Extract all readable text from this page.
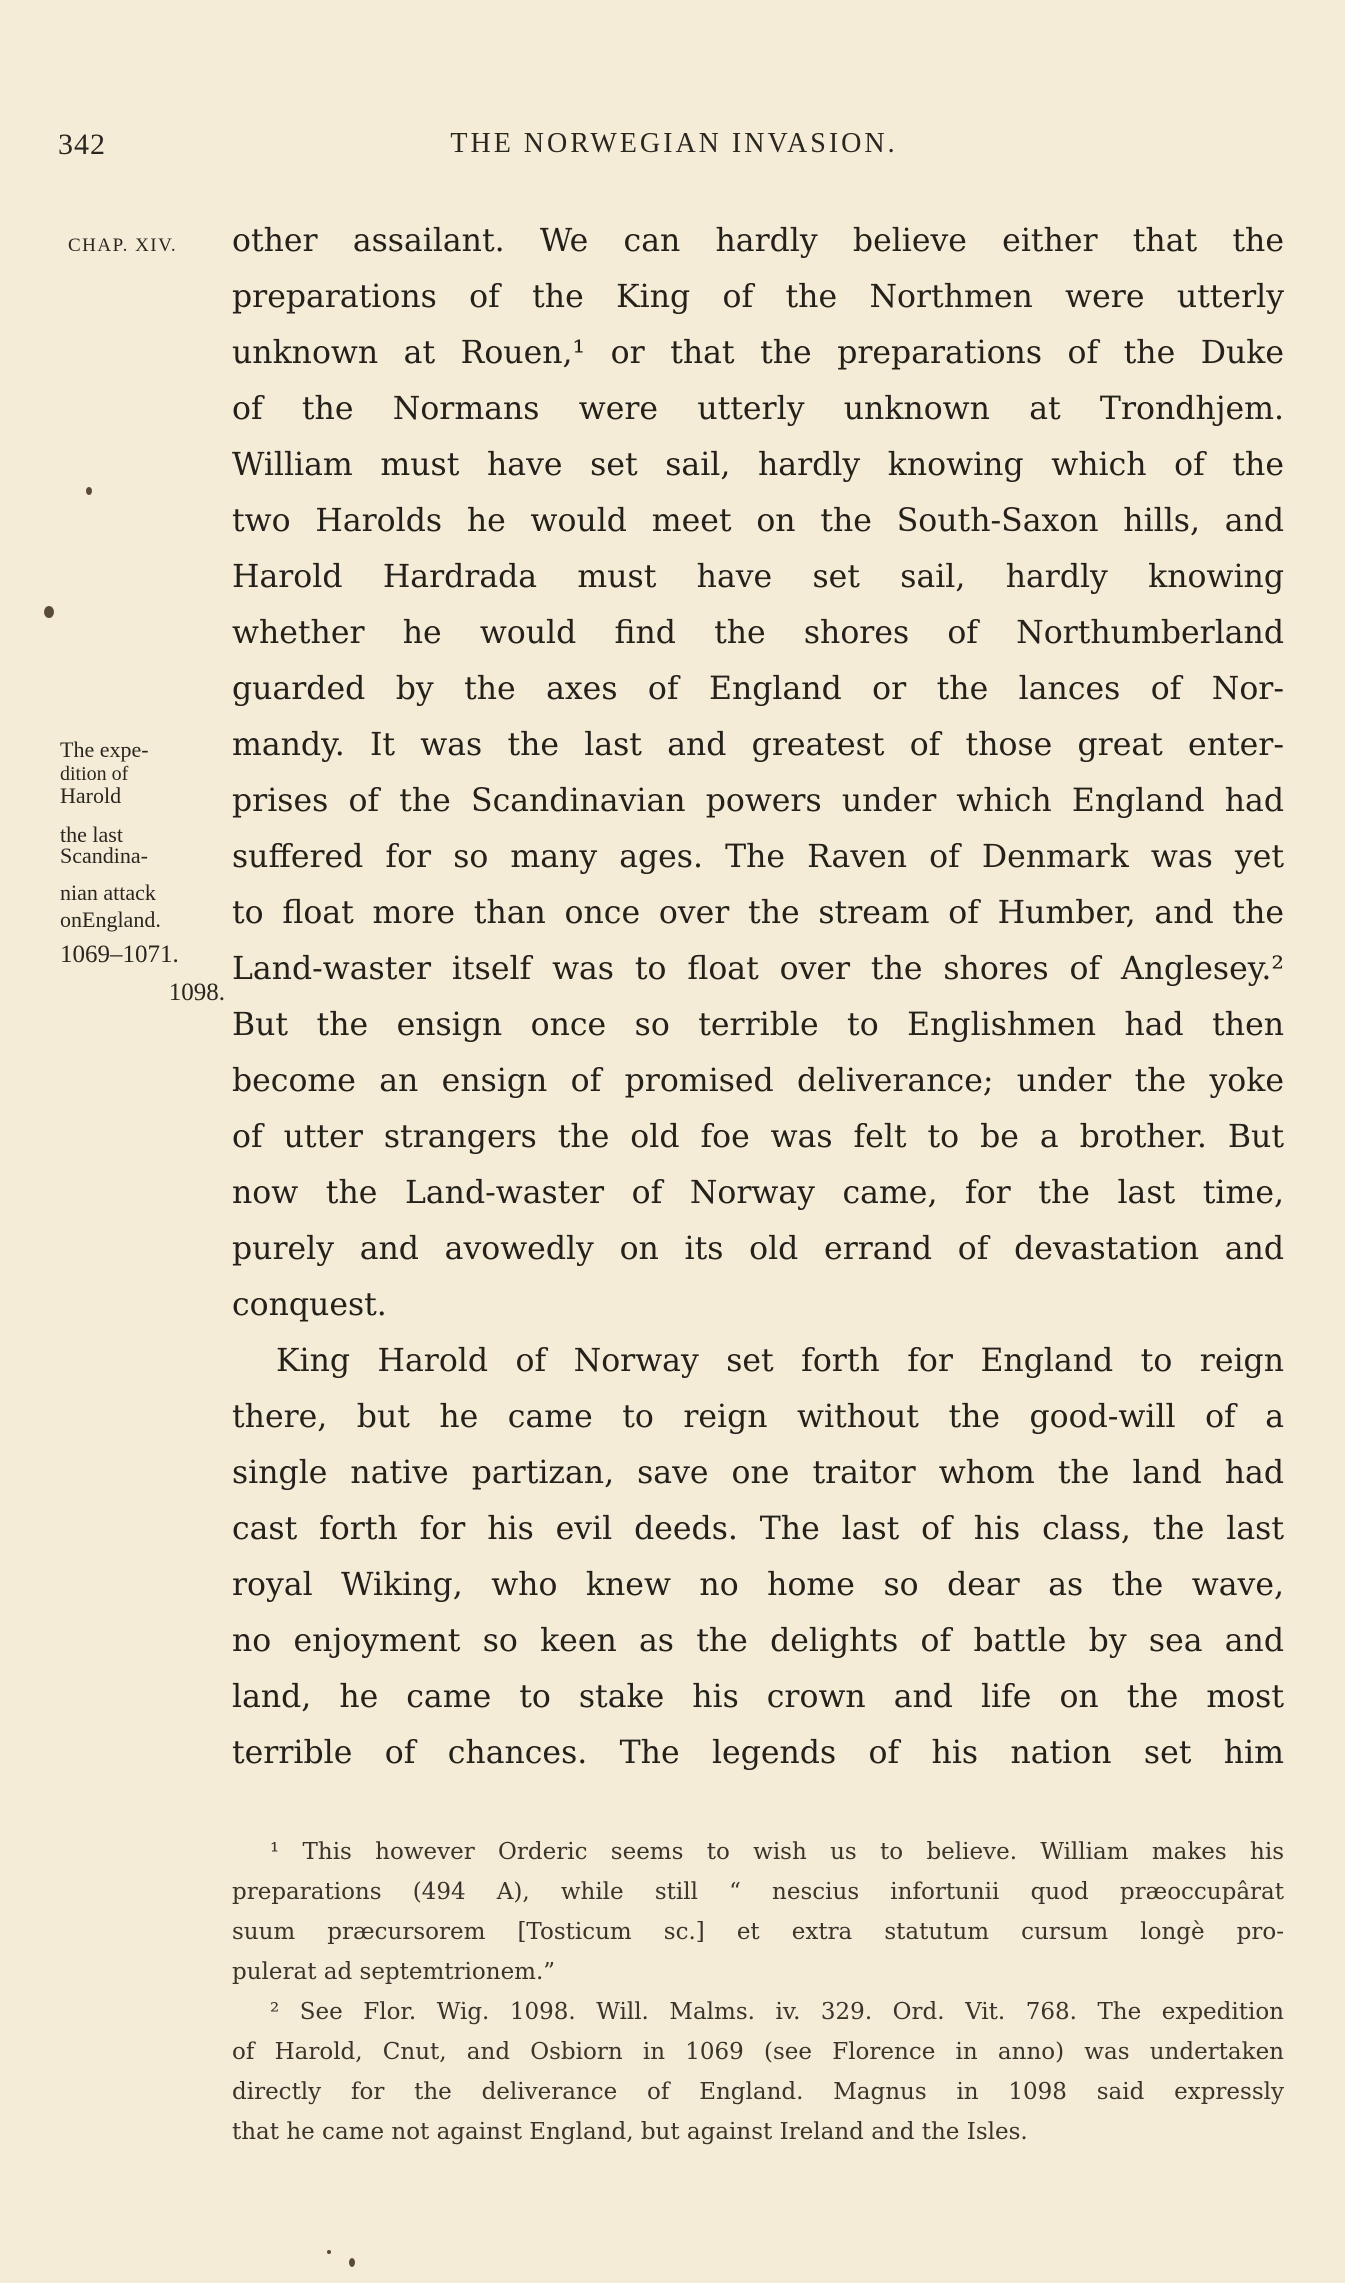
342	THE NORWEGIAN INVASION.
CHAP. XIV.
The expe-
dition of
Harold
the last
Scandina-
nian attack
onEngland.
1069–1071.
1098.
other assailant. We can hardly believe either that the
preparations of the King of the Northmen were utterly
unknown at Rouen,¹ or that the preparations of the Duke
of the Normans were utterly unknown at Trondhjem.
William must have set sail, hardly knowing which of the
two Harolds he would meet on the South-Saxon hills, and
Harold Hardrada must have set sail, hardly knowing
whether he would find the shores of Northumberland
guarded by the axes of England or the lances of Nor-
mandy. It was the last and greatest of those great enter-
prises of the Scandinavian powers under which England had
suffered for so many ages. The Raven of Denmark was yet
to float more than once over the stream of Humber, and the
Land-waster itself was to float over the shores of Anglesey.²
But the ensign once so terrible to Englishmen had then
become an ensign of promised deliverance; under the yoke
of utter strangers the old foe was felt to be a brother. But
now the Land-waster of Norway came, for the last time,
purely and avowedly on its old errand of devastation and
conquest.
King Harold of Norway set forth for England to reign
there, but he came to reign without the good-will of a
single native partizan, save one traitor whom the land had
cast forth for his evil deeds. The last of his class, the last
royal Wiking, who knew no home so dear as the wave,
no enjoyment so keen as the delights of battle by sea and
land, he came to stake his crown and life on the most
terrible of chances. The legends of his nation set him
¹ This however Orderic seems to wish us to believe. William makes his
preparations (494 A), while still “ nescius infortunii quod præoccupârat
suum præcursorem [Tosticum sc.] et extra statutum cursum longè pro-
pulerat ad septemtrionem.”
² See Flor. Wig. 1098. Will. Malms. iv. 329. Ord. Vit. 768. The expedition
of Harold, Cnut, and Osbiorn in 1069 (see Florence in anno) was undertaken
directly for the deliverance of England. Magnus in 1098 said expressly
that he came not against England, but against Ireland and the Isles.
